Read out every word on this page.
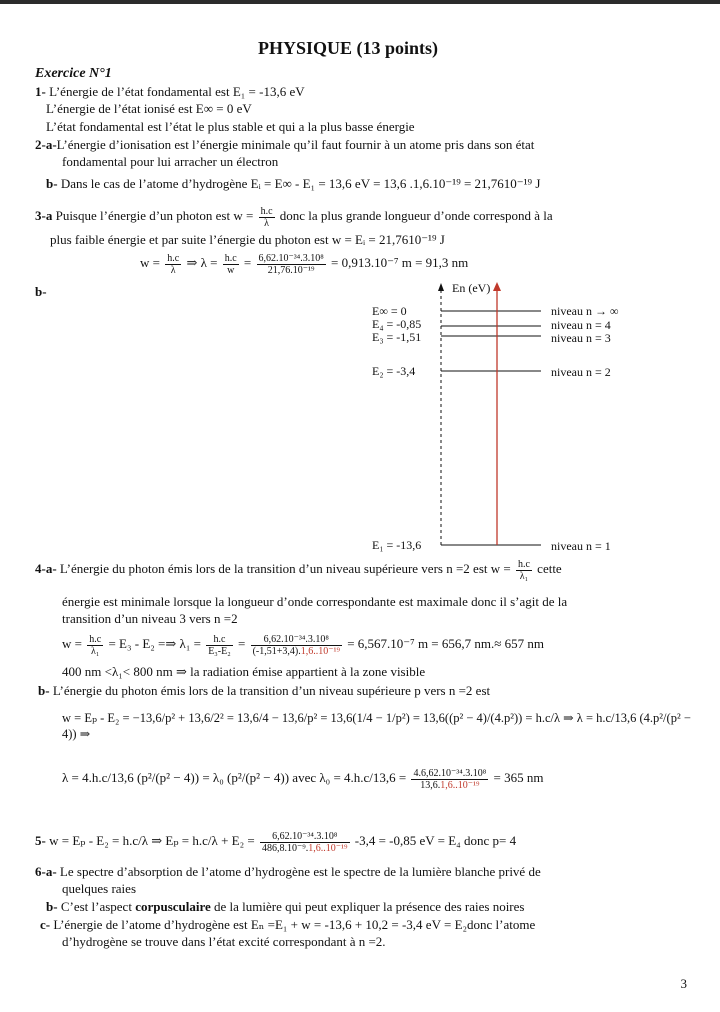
PHYSIQUE (13 points)
Exercice N°1
1- L’énergie de l’état fondamental est E₁ = -13,6 eV
L’énergie de l’état ionisé est E∞ = 0 eV
L’état fondamental est l’état le plus stable et qui a la plus basse énergie
2-a-L’énergie d’ionisation est l’énergie minimale qu’il faut fournir à un atome pris dans son état
fondamental pour lui arracher un électron
b- Dans le cas de l’atome d’hydrogène Eᵢ = E∞ - E₁ = 13,6 eV = 13,6 .1,6.10⁻¹⁹ = 21,7610⁻¹⁹ J
3-a Puisque l’énergie d’un photon est $w = \frac{h.c}{\lambda}$ donc la plus grande longueur d’onde correspond à la
plus faible énergie et par suite l’énergie du photon est w = Eᵢ = 21,7610⁻¹⁹ J
$w = \frac{h.c}{\lambda}$ ⇒ $\lambda = \frac{h.c}{w} = \frac{\text{6,62.10⁻³⁴.3.10⁸}}{\text{21,76.10⁻¹⁹}} = 0,913.10^{-7}$ m = 91,3 nm
b-	En (eV)
E∞ = 0	niveau n → ∞
E₄ = -0,85	niveau n = 4
E₃ = -1,51	niveau n = 3
E₂ = -3,4	niveau n = 2
E₁ = -13,6	niveau n = 1
4-a- L’énergie du photon émis lors de la transition d’un niveau supérieure vers n =2 est $w = \frac{h.c}{\text{λ₁}}$ cette
énergie est minimale lorsque la longueur d’onde correspondante est maximale donc il s’agit de la
transition d’un niveau 3 vers n =2
$w = \frac{h.c}{\text{λ₁}} = E_3 - E_2$ =⇒ $\lambda_1 = \frac{h.c}{\text{E₃-E₂}} = \frac{\text{6,62.10⁻³⁴.3.10⁸}}{\text{(-1,51+3,4).1,6..10⁻¹⁹}} = 6,567.10^{-7}$ m = 656,7 nm.≈ 657 nm
400 nm <λ₁< 800 nm ⇒ la radiation émise appartient à la zone visible
b- L’énergie du photon émis lors de la transition d’un niveau supérieure p vers n =2 est
w = Eₚ - E₂ = −13,6/p² + 13,6/2² = 13,6/4 − 13,6/p² = 13,6(1/4 − 1/p²) = 13,6((p² − 4)/(4.p²)) = h.c/λ ⇒ λ = h.c/13,6 (4.p²/(p² − 4)) ⇒
λ = 4.h.c/13,6 (p²/(p² − 4)) = λ₀ (p²/(p² − 4)) avec $\lambda_0 = 4.h.c/13,6 = \frac{\text{4.6,62.10⁻³⁴.3.10⁸}}{\text{13,6.1,6..10⁻¹⁹}} = 365$ nm
5- w = Eₚ - E₂ = h.c/λ ⇒ $E_p = h.c/\lambda + E_2 = \frac{\text{6,62.10⁻³⁴.3.10⁸}}{\text{486,8.10⁻⁹.1,6..10⁻¹⁹}} -3,4 = -0,85$ eV = E₄ donc p= 4
6-a- Le spectre d’absorption de l’atome d’hydrogène est le spectre de la lumière blanche privé de
quelques raies
b- C’est l’aspect corpusculaire de la lumière qui peut expliquer la présence des raies noires
c- L’énergie de l’atome d’hydrogène est Eₙ =E₁ + w = -13,6 + 10,2 = -3,4 eV = E₂donc l’atome
d’hydrogène se trouve dans l’état excité correspondant à n =2.
3
